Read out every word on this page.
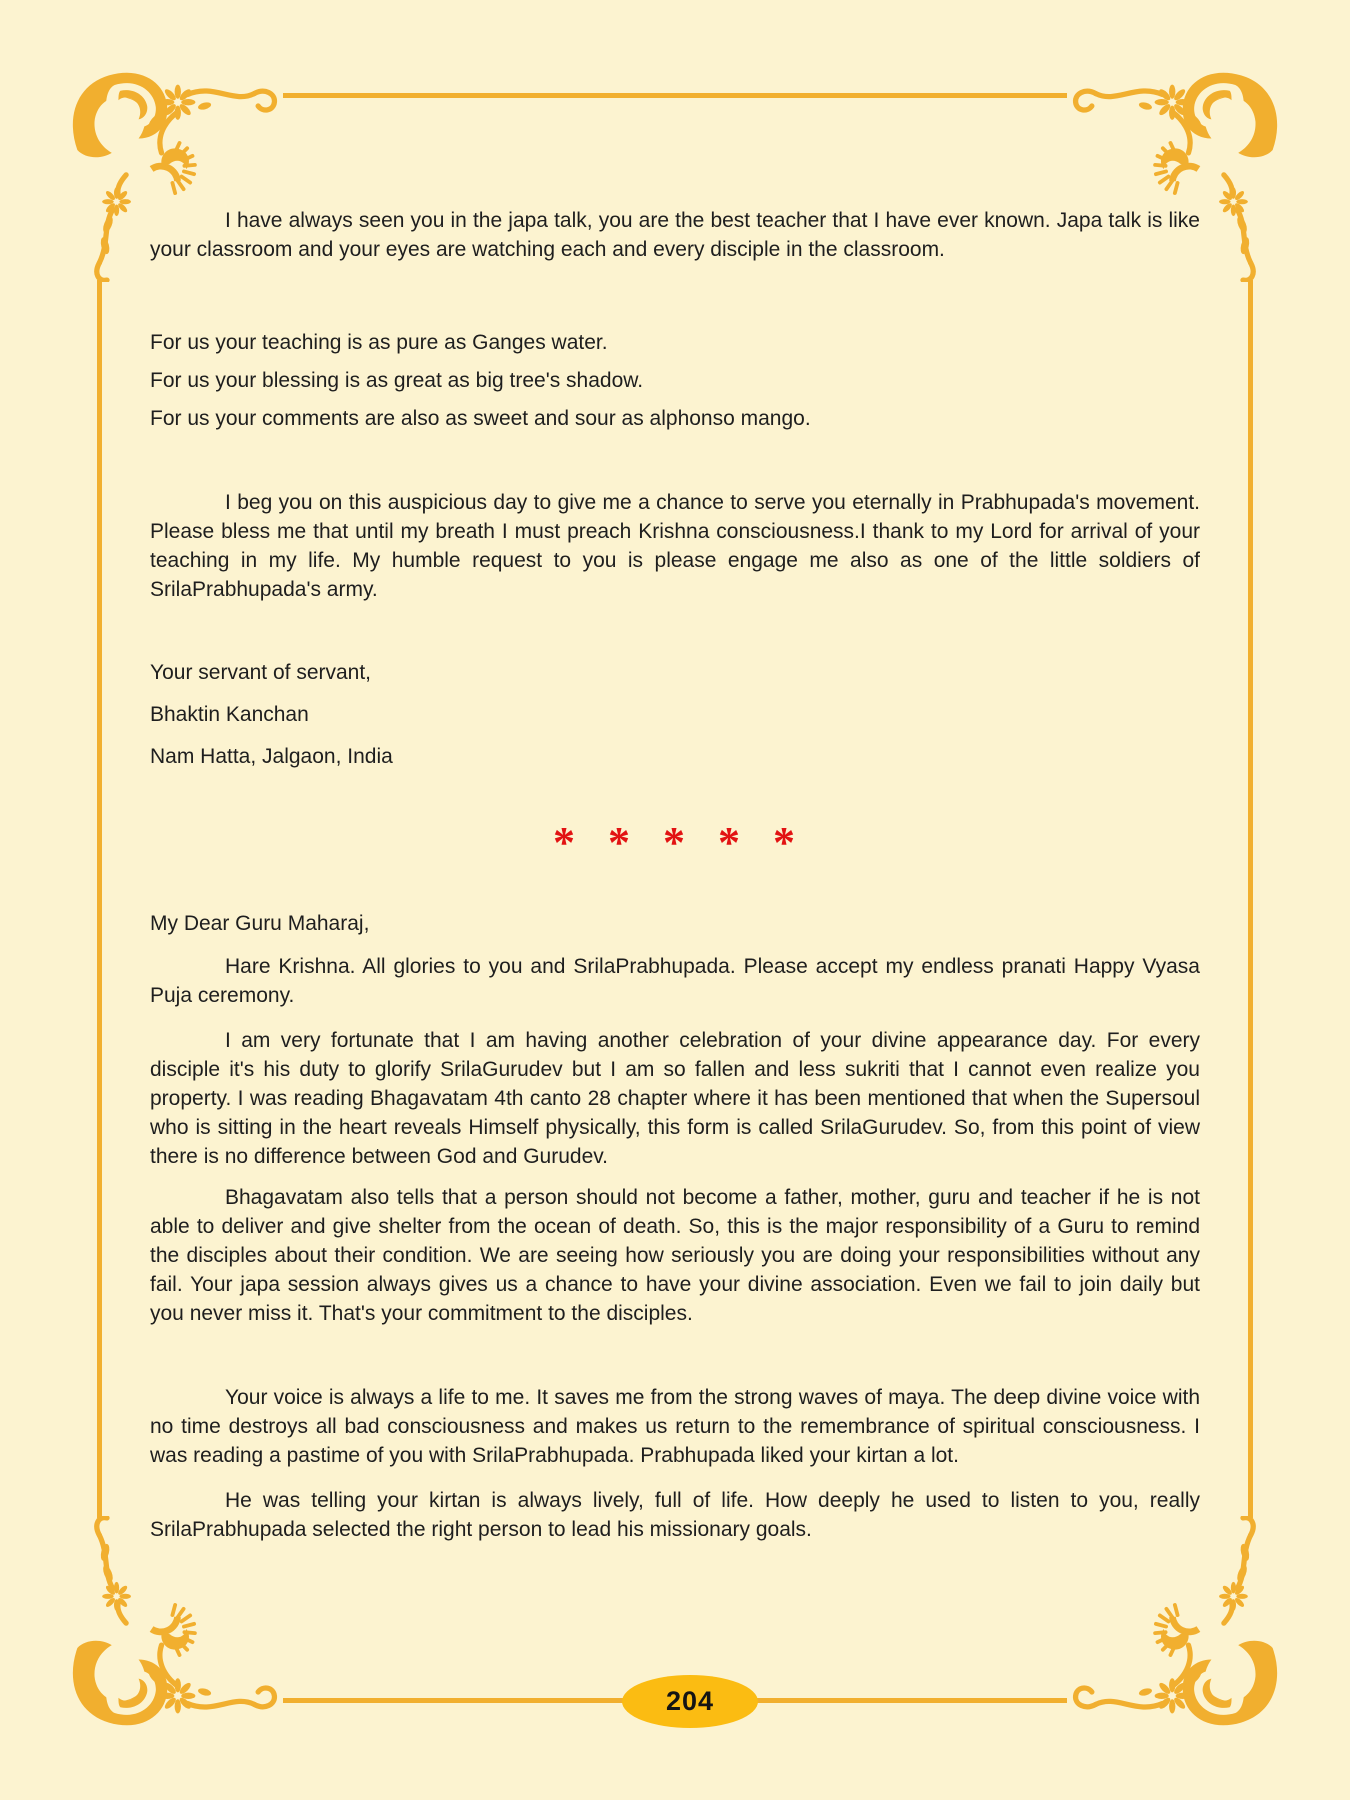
I have always seen you in the japa talk, you are the best teacher that I have ever known. Japa talk is like your classroom and your eyes are watching each and every disciple in the classroom.

For us your teaching is as pure as Ganges water.

For us your blessing is as great as big tree's shadow.

For us your comments are also as sweet and sour as alphonso mango.

I beg you on this auspicious day to give me a chance to serve you eternally in Prabhupada's movement. Please bless me that until my breath I must preach Krishna consciousness.I thank to my Lord for arrival of your teaching in my life. My humble request to you is please engage me also as one of the little soldiers of SrilaPrabhupada's army.

Your servant of servant,

Bhaktin Kanchan

Nam Hatta, Jalgaon, India

* * * * *

My Dear Guru Maharaj,

Hare Krishna. All glories to you and SrilaPrabhupada. Please accept my endless pranati Happy Vyasa Puja ceremony.

I am very fortunate that I am having another celebration of your divine appearance day. For every disciple it's his duty to glorify SrilaGurudev but I am so fallen and less sukriti that I cannot even realize you property. I was reading Bhagavatam 4th canto 28 chapter where it has been mentioned that when the Supersoul who is sitting in the heart reveals Himself physically, this form is called SrilaGurudev. So, from this point of view there is no difference between God and Gurudev.

Bhagavatam also tells that a person should not become a father, mother, guru and teacher if he is not able to deliver and give shelter from the ocean of death. So, this is the major responsibility of a Guru to remind the disciples about their condition. We are seeing how seriously you are doing your responsibilities without any fail. Your japa session always gives us a chance to have your divine association. Even we fail to join daily but you never miss it. That's your commitment to the disciples.

Your voice is always a life to me. It saves me from the strong waves of maya. The deep divine voice with no time destroys all bad consciousness and makes us return to the remembrance of spiritual consciousness. I was reading a pastime of you with SrilaPrabhupada. Prabhupada liked your kirtan a lot.

He was telling your kirtan is always lively, full of life. How deeply he used to listen to you, really SrilaPrabhupada selected the right person to lead his missionary goals.

204
